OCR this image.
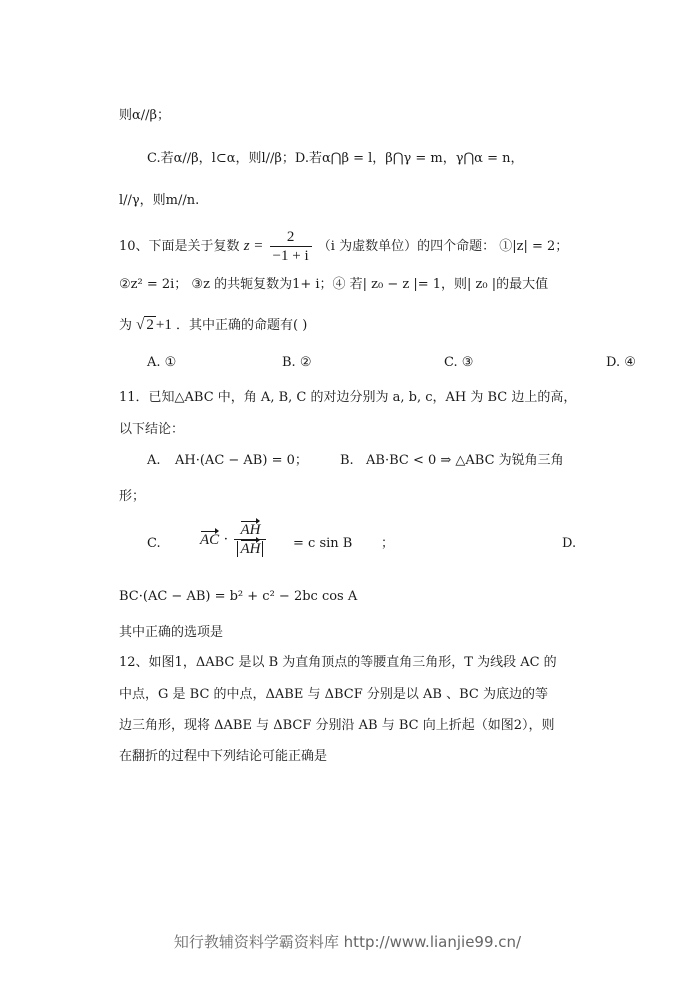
则α//β；
C.若α//β，l⊂α，则l//β；D.若α⋂β = l，β⋂γ = m，γ⋂α = n，
l//γ，则m//n.
10、下面是关于复数 $z = \frac{2}{-1 + i} (i$ 为虚数单位）的四个命题： ①|z| = 2；
②z² = 2i； ③z 的共轭复数为1+ i；④ 若| z₀ − z |= 1，则| z₀ |的最大值
为 √ 2 +1 ．其中正确的命题有( )
A. ①	B. ②	C. ③	D. ④
11．已知△ABC 中，角 A, B, C 的对边分别为 a, b, c，AH 为 BC 边上的高，
以下结论：
A. AH·(AC − AB) = 0； B. AB·BC < 0 ⇒ △ABC 为锐角三角
形；
C.	AC · $\frac{AH}{AH} = c$ sin B ；	D.
BC·(AC − AB) = b² + c² − 2bc cos A
其中正确的选项是
12、如图1，ΔABC 是以 B 为直角顶点的等腰直角三角形，T 为线段 AC 的
中点，G 是 BC 的中点，ΔABE 与 ΔBCF 分别是以 AB 、BC 为底边的等
边三角形，现将 ΔABE 与 ΔBCF 分别沿 AB 与 BC 向上折起（如图2），则
在翻折的过程中下列结论可能正确是
知行教辅资料学霸资料库 http://www.lianjie99.cn/
